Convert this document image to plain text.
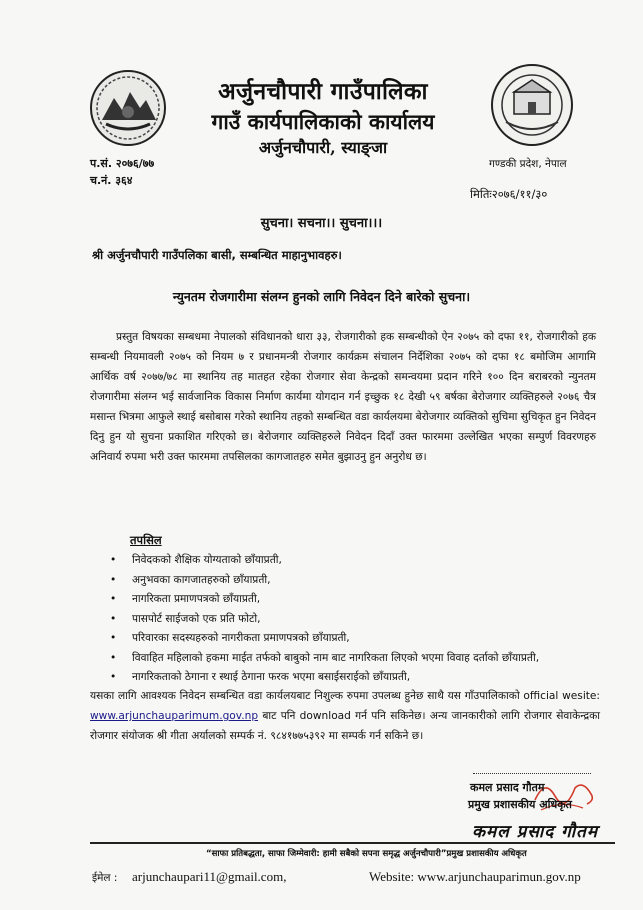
अर्जुनचौपारी गाउँपालिका
गाउँ कार्यपालिकाको कार्यालय
अर्जुनचौपारी, स्याङ्जा
प.सं. २०७६/७७
च.नं. ३६४
गण्डकी प्रदेश, नेपाल
मितिः२०७६/११/३०
सुचना। सचना।। सुचना।।।
श्री अर्जुनचौपारी गाउँपलिका बासी, सम्बन्धित माहानुभावहरु।
न्युनतम रोजगारीमा संलग्न हुनको लागि निवेदन दिने बारेको सुचना।

प्रस्तुत विषयका सम्बधमा नेपालको संविधानको धारा ३३, रोजगारीको हक सम्बन्धीको ऐन २०७५ को दफा ११, रोजगारीको हक सम्बन्धी नियमावली २०७५ को नियम ७ र प्रधानमन्त्री रोजगार कार्यक्रम संचालन निर्देशिका २०७५ को दफा १८ बमोजिम आगामि आर्थिक वर्ष २०७७/७८ मा स्थानिय तह मातहत रहेका रोजगार सेवा केन्द्रको समन्वयमा प्रदान गरिने १०० दिन बराबरको न्युनतम रोजगारीमा संलग्न भई सार्वजानिक विकास निर्माण कार्यमा योगदान गर्न इच्छुक १८ देखी ५९ बर्षका बेरोजगार व्यक्तिहरुले २०७६ चैत्र मसान्त भित्रमा आफुले स्थाई बसोबास गरेको स्थानिय तहको सम्बन्धित वडा कार्यलयमा बेरोजगार व्यक्तिको सुचिमा सुचिकृत हुन निवेदन दिनु हुन यो सुचना प्रकाशित गरिएको छ। बेरोजगार व्यक्तिहरुले निवेदन दिदाँ उक्त फारममा उल्लेखित भएका सम्पुर्ण विवरणहरु अनिवार्य रुपमा भरी उक्त फारममा तपसिलका कागजातहरु समेत बुझाउनु हुन अनुरोध छ।

तपसिल
• निवेदकको शैक्षिक योग्यताको छाँयाप्रती,
• अनुभवका कागजातहरुको छाँयाप्रती,
• नागरिकता प्रमाणपत्रको छाँयाप्रती,
• पासपोर्ट साईजको एक प्रति फोटो,
• परिवारका सदस्यहरुको नागरीकता प्रमाणपत्रको छाँयाप्रती,
• विवाहित महिलाको हकमा माईत तर्फको बाबुको नाम बाट नागरिकता लिएको भएमा विवाह दर्ताको छाँयाप्रती,
• नागरिकताको ठेगाना र स्थाई ठेगाना फरक भएमा बसाईसराईको छाँयाप्रती,
यसका लागि आवश्यक निवेदन सम्बन्धित वडा कार्यलयबाट निशुल्क रुपमा उपलब्ध हुनेछ साथै यस गाँउपालिकाको official wesite: www.arjunchauparimum.gov.np बाट पनि download गर्न पनि सकिनेछ। अन्य जानकारीको लागि रोजगार सेवाकेन्द्रका रोजगार संयोजक श्री गीता अर्यालको सम्पर्क नं. ९८४१७७५३९२ मा सम्पर्क गर्न सकिने छ।
कमल प्रसाद गौतम
प्रमुख प्रशासकीय अधिकृत
कमल प्रसाद गौतम
“साफा प्रतिबद्धता, साफा जिम्मेवारी: हामी सबैको सपना समृद्ध अर्जुनचौपारी”प्रमुख प्रशासकीय अधिकृत
ईमेल : arjunchaupari11@gmail.com,	Website: www.arjunchauparimun.gov.np
